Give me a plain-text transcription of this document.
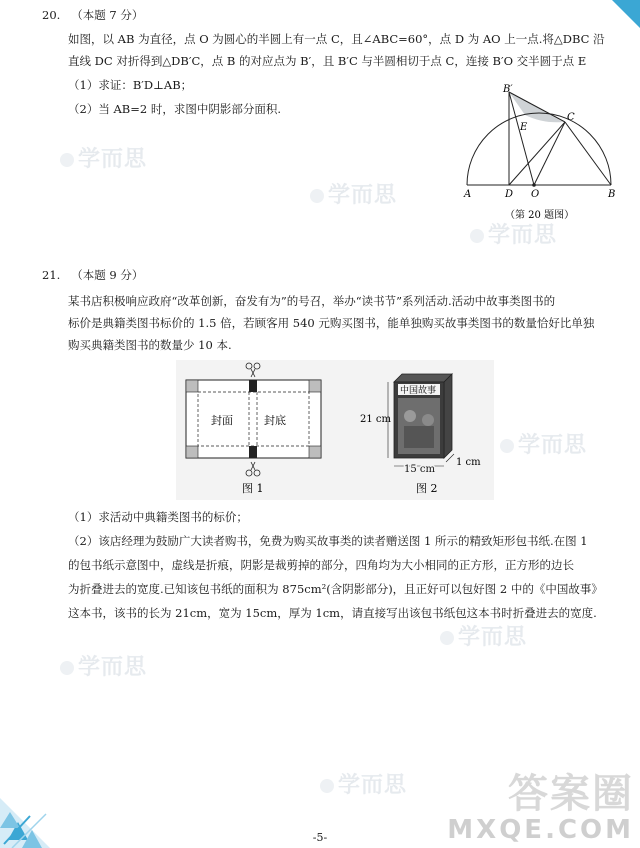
学而思
学而思
学而思
学而思
学而思
学而思
学而思
20. （本题 7 分）
如图，以 AB 为直径，点 O 为圆心的半圆上有一点 C，且∠ABC=60°，点 D 为 AO 上一点.将△DBC 沿
直线 DC 对折得到△DB′C，点 B 的对应点为 B′，且 B′C 与半圆相切于点 C，连接 B′O 交半圆于点 E
（1）求证：B′D⊥AB；
（2）当 AB=2 时，求图中阴影部分面积.
B′
E
C
A	D O	B
（第 20 题图）
21. （本题 9 分）
某书店积极响应政府“改革创新，奋发有为”的号召，举办“读书节”系列活动.活动中故事类图书的
标价是典籍类图书标价的 1.5 倍，若顾客用 540 元购买图书，能单独购买故事类图书的数量恰好比单独
购买典籍类图书的数量少 10 本.
封面	封底
图 1
中国故事
21 cm
15 cm
1 cm
图 2
（1）求活动中典籍类图书的标价；
（2）该店经理为鼓励广大读者购书，免费为购买故事类的读者赠送图 1 所示的精致矩形包书纸.在图 1
的包书纸示意图中，虚线是折痕，阴影是裁剪掉的部分，四角均为大小相同的正方形，正方形的边长
为折叠进去的宽度.已知该包书纸的面积为 875cm²(含阴影部分)，且正好可以包好图 2 中的《中国故事》
这本书，该书的长为 21cm，宽为 15cm，厚为 1cm，请直接写出该包书纸包这本书时折叠进去的宽度.
-5-
答案圈
MXQE.COM
